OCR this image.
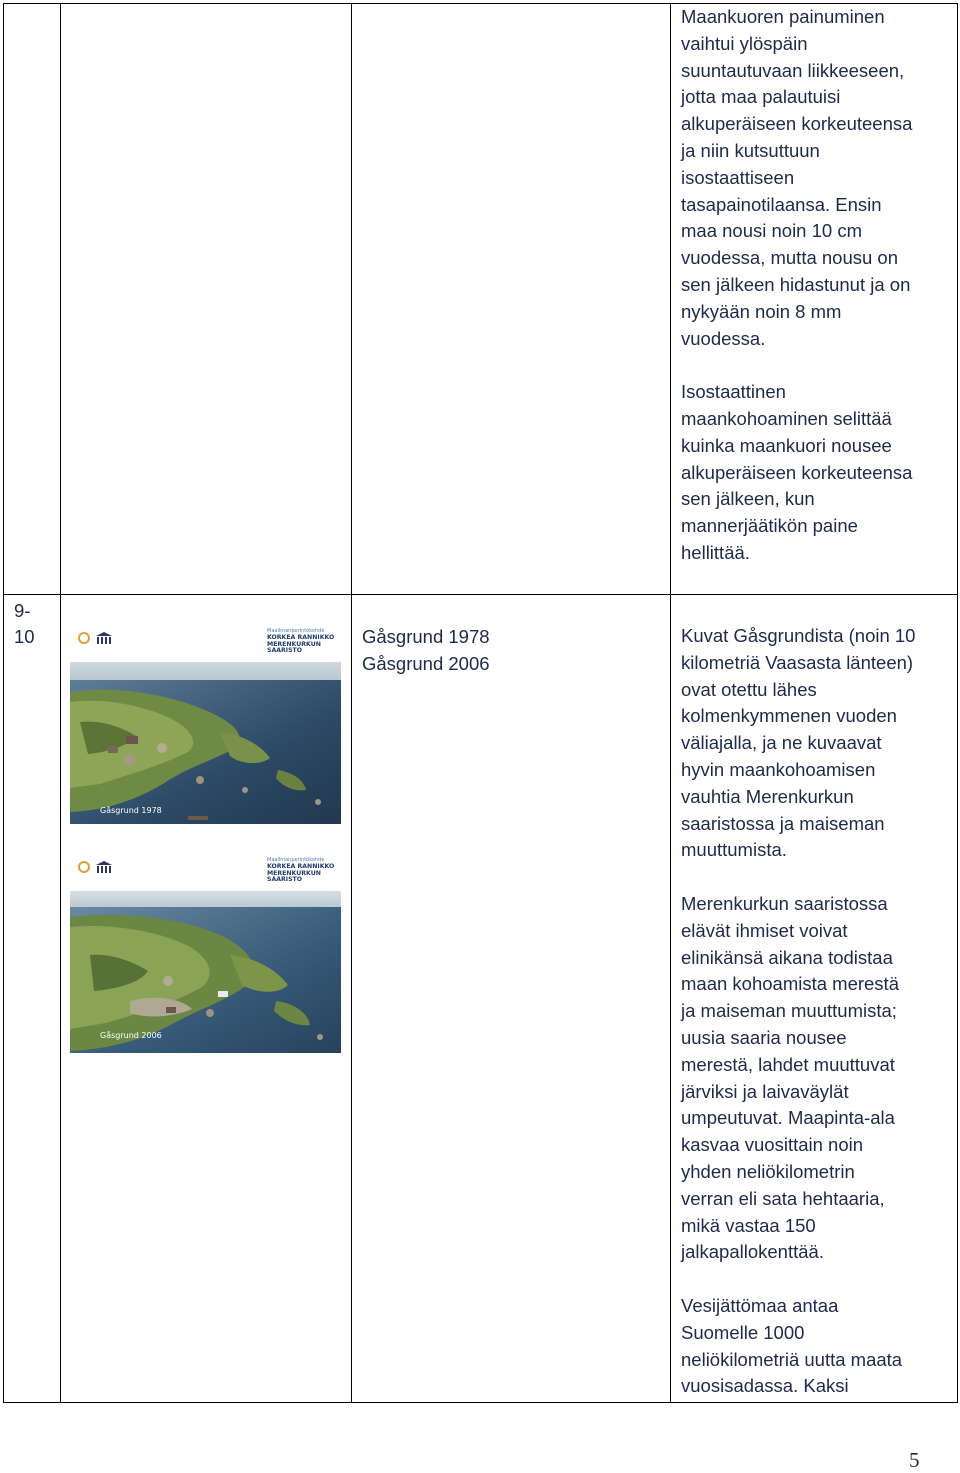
Maankuoren painuminen
vaihtui ylöspäin
suuntautuvaan liikkeeseen,
jotta maa palautuisi
alkuperäiseen korkeuteensa
ja niin kutsuttuun
isostaattiseen
tasapainotilaansa. Ensin
maa nousi noin 10 cm
vuodessa, mutta nousu on
sen jälkeen hidastunut ja on
nykyään noin 8 mm
vuodessa.

Isostaattinen
maankohoaminen selittää
kuinka maankuori nousee
alkuperäiseen korkeuteensa
sen jälkeen, kun
mannerjäätikön paine
hellittää.

9-
10	Maailmanperintökohde
KORKEA RANNIKKO
MERENKURKUN
SAARISTO
Gåsgrund 1978
Maailmanperintökohde
KORKEA RANNIKKO
MERENKURKUN
SAARISTO
Gåsgrund 2006
Gåsgrund 1978
Gåsgrund 2006

Kuvat Gåsgrundista (noin 10
kilometriä Vaasasta länteen)
ovat otettu lähes
kolmenkymmenen vuoden
väliajalla, ja ne kuvaavat
hyvin maankohoamisen
vauhtia Merenkurkun
saaristossa ja maiseman
muuttumista.

Merenkurkun saaristossa
elävät ihmiset voivat
elinikänsä aikana todistaa
maan kohoamista merestä
ja maiseman muuttumista;
uusia saaria nousee
merestä, lahdet muuttuvat
järviksi ja laivaväylät
umpeutuvat. Maapinta-ala
kasvaa vuosittain noin
yhden neliökilometrin
verran eli sata hehtaaria,
mikä vastaa 150
jalkapallokenttää.

Vesijättömaa antaa
Suomelle 1000
neliökilometriä uutta maata
vuosisadassa. Kaksi

5
